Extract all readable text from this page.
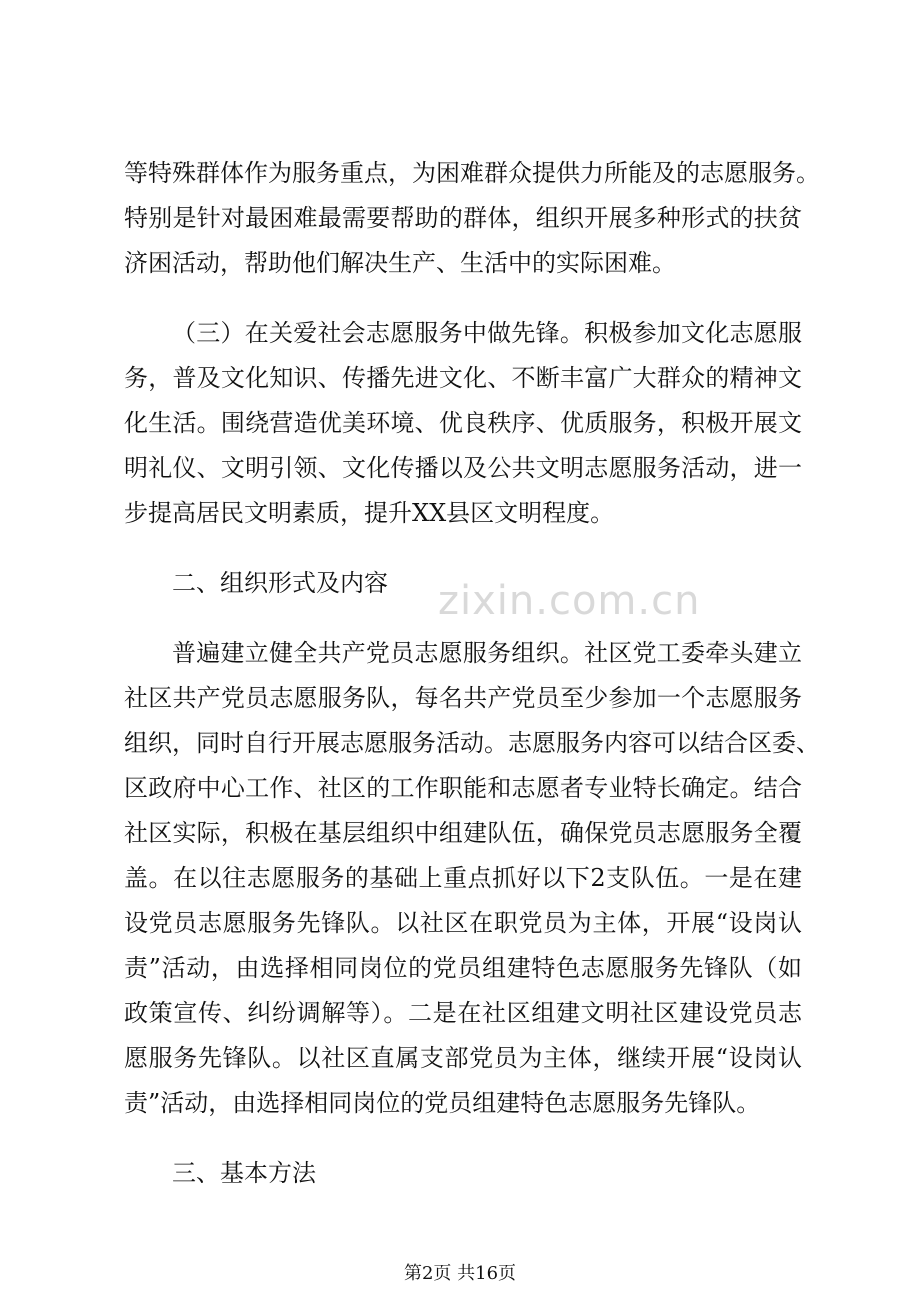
zixin.com.cn
等特殊群体作为服务重点，为困难群众提供力所能及的志愿服务。
特别是针对最困难最需要帮助的群体，组织开展多种形式的扶贫
济困活动，帮助他们解决生产、生活中的实际困难。
（三）在关爱社会志愿服务中做先锋。积极参加文化志愿服
务，普及文化知识、传播先进文化、不断丰富广大群众的精神文
化生活。围绕营造优美环境、优良秩序、优质服务，积极开展文
明礼仪、文明引领、文化传播以及公共文明志愿服务活动，进一
步提高居民文明素质，提升XX县区文明程度。
二、组织形式及内容
普遍建立健全共产党员志愿服务组织。社区党工委牵头建立
社区共产党员志愿服务队，每名共产党员至少参加一个志愿服务
组织，同时自行开展志愿服务活动。志愿服务内容可以结合区委、
区政府中心工作、社区的工作职能和志愿者专业特长确定。结合
社区实际，积极在基层组织中组建队伍，确保党员志愿服务全覆
盖。在以往志愿服务的基础上重点抓好以下2支队伍。一是在建
设党员志愿服务先锋队。以社区在职党员为主体，开展“设岗认
责”活动，由选择相同岗位的党员组建特色志愿服务先锋队（如
政策宣传、纠纷调解等）。二是在社区组建文明社区建设党员志
愿服务先锋队。以社区直属支部党员为主体，继续开展“设岗认
责”活动，由选择相同岗位的党员组建特色志愿服务先锋队。
三、基本方法
第2页 共16页
